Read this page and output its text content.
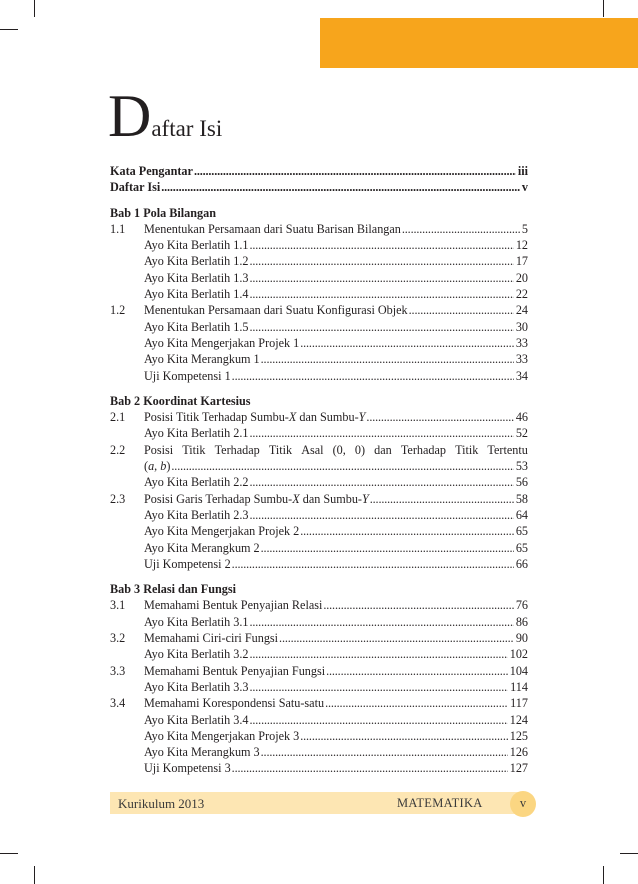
Daftar Isi
Kata Pengantar . . .	iii
Daftar Isi . . .	v
Bab 1 Pola Bilangan
1.1	Menentukan Persamaan dari Suatu Barisan Bilangan . . .	5
Ayo Kita Berlatih 1.1 . . .	12
Ayo Kita Berlatih 1.2 . . .	17
Ayo Kita Berlatih 1.3 . . .	20
Ayo Kita Berlatih 1.4 . . .	22
1.2	Menentukan Persamaan dari Suatu Konfigurasi Objek . . .	24
Ayo Kita Berlatih 1.5 . . .	30
Ayo Kita Mengerjakan Projek 1 . . .	33
Ayo Kita Merangkum 1 . . .	33
Uji Kompetensi 1 . . .	34
Bab 2 Koordinat Kartesius
2.1	Posisi Titik Terhadap Sumbu-X dan Sumbu-Y . . .	46
Ayo Kita Berlatih 2.1 . . .	52
2.2	Posisi Titik Terhadap Titik Asal (0, 0) dan Terhadap Titik Tertentu
(a, b) . . .	53
Ayo Kita Berlatih 2.2 . . .	56
2.3	Posisi Garis Terhadap Sumbu-X dan Sumbu-Y . . .	58
Ayo Kita Berlatih 2.3 . . .	64
Ayo Kita Mengerjakan Projek 2 . . .	65
Ayo Kita Merangkum 2 . . .	65
Uji Kompetensi 2 . . .	66
Bab 3 Relasi dan Fungsi
3.1	Memahami Bentuk Penyajian Relasi . . .	76
Ayo Kita Berlatih 3.1 . . .	86
3.2	Memahami Ciri-ciri Fungsi . . .	90
Ayo Kita Berlatih 3.2 . . .	102
3.3	Memahami Bentuk Penyajian Fungsi . . .	104
Ayo Kita Berlatih 3.3 . . .	114
3.4	Memahami Korespondensi Satu-satu . . .	117
Ayo Kita Berlatih 3.4 . . .	124
Ayo Kita Mengerjakan Projek 3 . . .	125
Ayo Kita Merangkum 3 . . .	126
Uji Kompetensi 3 . . .	127
Kurikulum 2013	MATEMATIKA	v
